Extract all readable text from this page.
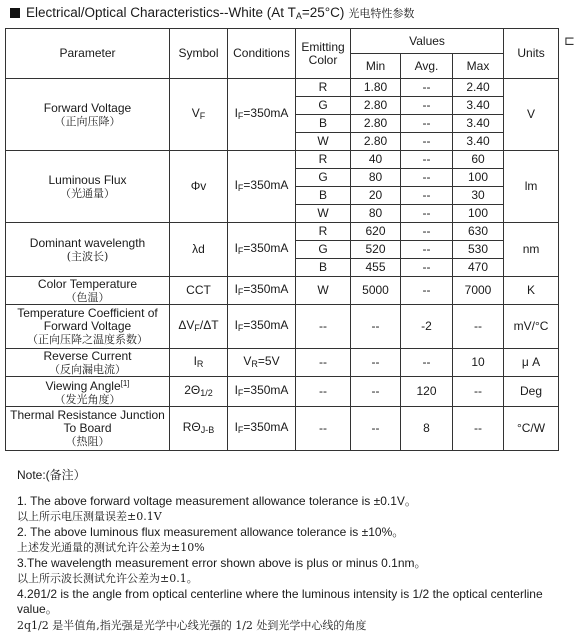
Electrical/Optical Characteristics--White (At $T_A=25^\circ C$) 光电特性参数
⊏
Parameter	Symbol	Conditions	Emitting Color	Values			Units
				Min	Avg.	Max	
Forward Voltage
（正向压降）	$V_F$	$I_F=350mA$	R	1.80	--	2.40	V
			G	2.80	--	3.40	
			B	2.80	--	3.40	
			W	2.80	--	3.40	
Luminous Flux
（光通量）	Φv	$I_F=350mA$	R	40	--	60	lm
			G	80	--	100	
			B	20	--	30	
			W	80	--	100	
Dominant wavelength
(主波长)	λd	$I_F=350mA$	R	620	--	630	nm
			G	520	--	530	
			B	455	--	470	
Color Temperature
（色温）	CCT	$I_F=350mA$	W	5000	--	7000	K

Temperature Coefficient of
Forward Voltage
（正向压降之温度系数）	$\Delta V_F/\Delta T$	$I_F=350mA$	--	--	-2	--	mV/°C
Reverse Current
（反向漏电流）	$I_R$	$V_R=5V$	--	--	--	10	μ A
Viewing Angle[1]
（发光角度）	$2\Theta_{1/2}$	$I_F=350mA$	--	--	120	--	Deg

Thermal Resistance Junction
To Board
（热阻）	$R\Theta_{J-B}$	$I_F=350mA$	--	--	8	--	°C/W
Note:(备注）
1. The above forward voltage measurement allowance tolerance is ±0.1V。
以上所示电压测量误差±0.1V
2. The above luminous flux measurement allowance tolerance is ±10%。
上述发光通量的测试允许公差为±10%
3.The wavelength measurement error shown above is plus or minus 0.1nm。
以上所示波长测试允许公差为±0.1。
4.2θ1/2 is the angle from optical centerline where the luminous intensity is 1/2 the optical centerline value。
2q1/2 是半值角,指光强是光学中心线光强的 1/2 处到光学中心线的角度
